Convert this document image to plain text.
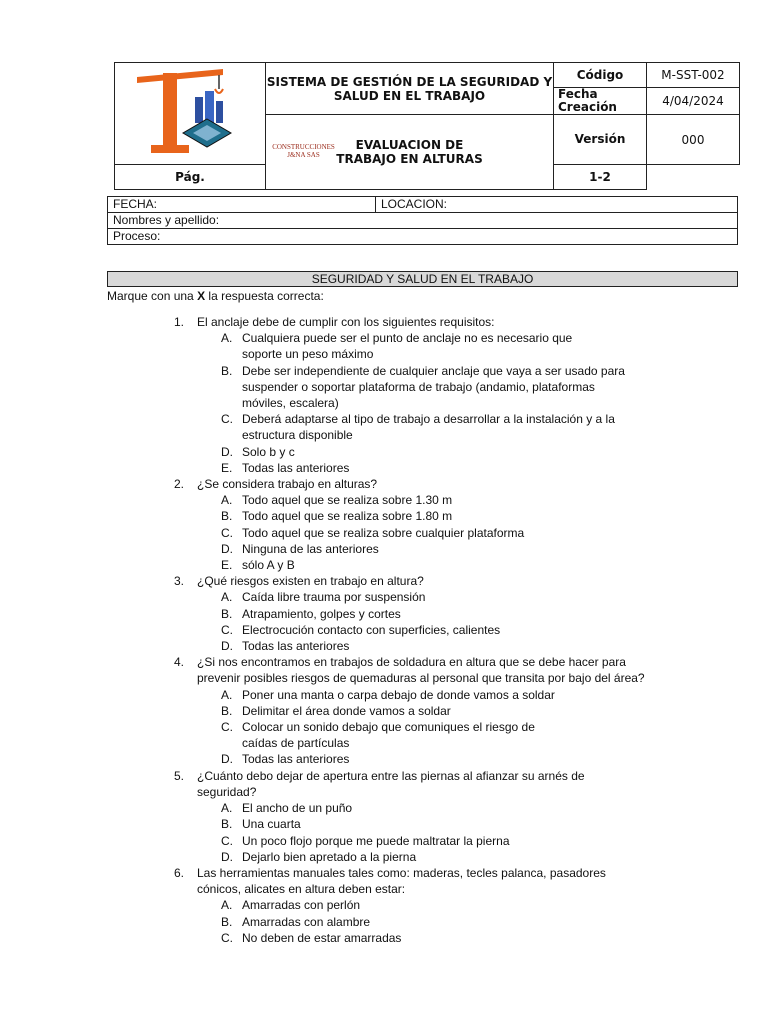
CONSTRUCCIONES J&NA SAS	SISTEMA DE GESTIÓN DE LA SEGURIDAD Y SALUD EN EL TRABAJO	Código	M-SST-002
		Fecha Creación	4/04/2024
	EVALUACION DE TRABAJO EN ALTURAS	Versión	000
Pág.		1-2	
FECHA:	LOCACION:
Nombres y apellido:
Proceso:
SEGURIDAD Y SALUD EN EL TRABAJO
Marque con una X la respuesta correcta:
1. El anclaje debe de cumplir con los siguientes requisitos:
A. Cualquiera puede ser el punto de anclaje no es necesario que soporte un peso máximo
B. Debe ser independiente de cualquier anclaje que vaya a ser usado para suspender o soportar plataforma de trabajo (andamio, plataformas móviles, escalera)
C. Deberá adaptarse al tipo de trabajo a desarrollar a la instalación y a la estructura disponible
D. Solo b y c
E. Todas las anteriores
2. ¿Se considera trabajo en alturas?
A. Todo aquel que se realiza sobre 1.30 m
B. Todo aquel que se realiza sobre 1.80 m
C. Todo aquel que se realiza sobre cualquier plataforma
D. Ninguna de las anteriores
E. sólo A y B
3. ¿Qué riesgos existen en trabajo en altura?
A. Caída libre trauma por suspensión
B. Atrapamiento, golpes y cortes
C. Electrocución contacto con superficies, calientes
D. Todas las anteriores
4. ¿Si nos encontramos en trabajos de soldadura en altura que se debe hacer para prevenir posibles riesgos de quemaduras al personal que transita por bajo del área?
A. Poner una manta o carpa debajo de donde vamos a soldar
B. Delimitar el área donde vamos a soldar
C. Colocar un sonido debajo que comuniques el riesgo de caídas de partículas
D. Todas las anteriores
5. ¿Cuánto debo dejar de apertura entre las piernas al afianzar su arnés de seguridad?
A. El ancho de un puño
B. Una cuarta
C. Un poco flojo porque me puede maltratar la pierna
D. Dejarlo bien apretado a la pierna
6. Las herramientas manuales tales como: maderas, tecles palanca, pasadores cónicos, alicates en altura deben estar:
A. Amarradas con perlón
B. Amarradas con alambre
C. No deben de estar amarradas
